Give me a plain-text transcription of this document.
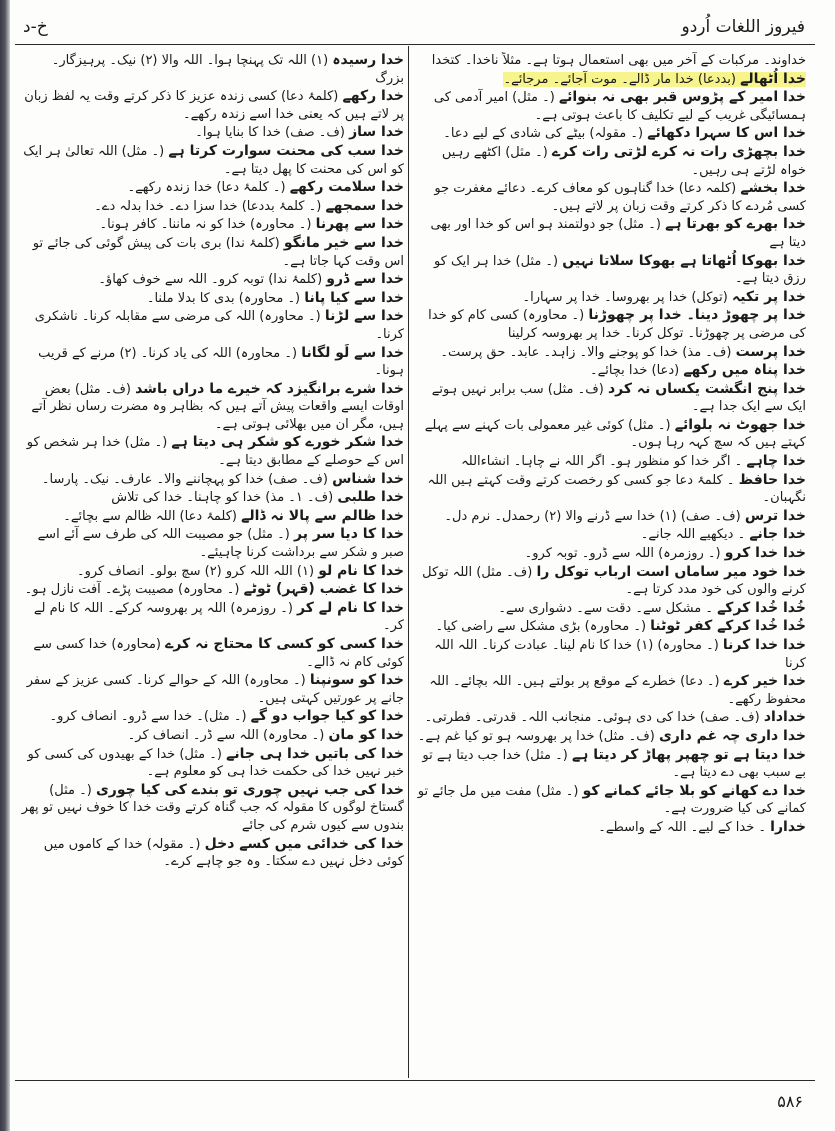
خ-د	فیروز اللغات اُردو
خداوند۔ مرکبات کے آخر میں بھی استعمال ہوتا ہے۔ مثلاً ناخدا۔ کتخدا
خدا اُٹھالے (بددعا) خدا مار ڈالے۔ موت آجائے۔ مرجائے۔
خدا امیر کے پڑوس قبر بھی نہ بنوائے (۔ مثل) امیر آدمی کی ہمسائیگی غریب کے لیے تکلیف کا باعث ہوتی ہے۔
خدا اس کا سہرا دکھائے (۔ مقولہ) بیٹے کی شادی کے لیے دعا۔
خدا بچھڑی رات نہ کرے لڑتی رات کرے (۔ مثل) اکٹھے رہیں خواہ لڑتے ہی رہیں۔
خدا بخشے (کلمہ دعا) خدا گناہوں کو معاف کرے۔ دعائے مغفرت جو کسی مُردے کا ذکر کرتے وقت زبان پر لاتے ہیں۔
خدا بھرے کو بھرتا ہے (۔ مثل) جو دولتمند ہو اس کو خدا اور بھی دیتا ہے
خدا بھوکا اُٹھاتا ہے بھوکا سلاتا نہیں (۔ مثل) خدا ہر ایک کو رزق دیتا ہے۔
خدا پر تکیہ (توکل) خدا پر بھروسا۔ خدا پر سہارا۔
خدا پر چھوڑ دینا۔ خدا پر چھوڑنا (۔ محاورہ) کسی کام کو خدا کی مرضی پر چھوڑنا۔ توکل کرنا۔ خدا پر بھروسہ کرلینا
خدا پرست (ف۔ مذ) خدا کو پوجنے والا۔ زاہد۔ عابد۔ حق پرست۔
خدا پناہ میں رکھے (دعا) خدا بچائے۔
خدا پنج انگشت یکساں نہ کرد (ف۔ مثل) سب برابر نہیں ہوتے ایک سے ایک جدا ہے۔
خدا جھوٹ نہ بلوائے (۔ مثل) کوئی غیر معمولی بات کہنے سے پہلے کہتے ہیں کہ سچ کہہ رہا ہوں۔
خدا چاہے ۔ اگر خدا کو منظور ہو۔ اگر اللہ نے چاہا۔ انشاءاللہ
خدا حافظ ۔ کلمۂ دعا جو کسی کو رخصت کرتے وقت کہتے ہیں اللہ نگہبان۔
خدا ترس (ف۔ صف) (۱) خدا سے ڈرنے والا (۲) رحمدل۔ نرم دل۔
خدا جانے ۔ دیکھیے اللہ جانے۔
خدا خدا کرو (۔ روزمرہ) اللہ سے ڈرو۔ توبہ کرو۔
خدا خود میر ساماں است ارباب توکل را (ف۔ مثل) اللہ توکل کرنے والوں کی خود مدد کرتا ہے۔
خُدا خُدا کرکے ۔ مشکل سے۔ دقت سے۔ دشواری سے۔
خُدا خُدا کرکے کفر ٹوٹنا (۔ محاورہ) بڑی مشکل سے راضی کیا۔
خدا خدا کرنا (۔ محاورہ) (۱) خدا کا نام لینا۔ عبادت کرنا۔ اللہ اللہ کرنا
خدا خیر کرے (۔ دعا) خطرے کے موقع پر بولتے ہیں۔ اللہ بچائے۔ اللہ محفوظ رکھے۔
خداداد (ف۔ صف) خدا کی دی ہوئی۔ منجانب اللہ۔ قدرتی۔ فطرتی۔
خدا داری چہ غم داری (ف۔ مثل) خدا پر بھروسہ ہو تو کیا غم ہے۔
خدا دیتا ہے تو چھپر پھاڑ کر دیتا ہے (۔ مثل) خدا جب دیتا ہے تو بے سبب بھی دے دیتا ہے۔
خدا دے کھانے کو بلا جائے کمانے کو (۔ مثل) مفت میں مل جائے تو کمانے کی کیا ضرورت ہے۔
خدارا ۔ خدا کے لیے۔ اللہ کے واسطے۔
خدا رسیدہ (۱) اللہ تک پہنچا ہوا۔ اللہ والا (۲) نیک۔ پرہیزگار۔ بزرگ
خدا رکھے (کلمۂ دعا) کسی زندہ عزیز کا ذکر کرتے وقت یہ لفظ زبان پر لاتے ہیں کہ یعنی خدا اسے زندہ رکھے۔
خدا ساز (ف۔ صف) خدا کا بنایا ہوا۔
خدا سب کی محنت سوارت کرتا ہے (۔ مثل) اللہ تعالیٰ ہر ایک کو اس کی محنت کا پھل دیتا ہے۔
خدا سلامت رکھے (۔ کلمۂ دعا) خدا زندہ رکھے۔
خدا سمجھے (۔ کلمۂ بددعا) خدا سزا دے۔ خدا بدلہ دے۔
خدا سے پھرنا (۔ محاورہ) خدا کو نہ ماننا۔ کافر ہونا۔
خدا سے خیر مانگو (کلمۂ ندا) بری بات کی پیش گوئی کی جائے تو اس وقت کہا جاتا ہے۔
خدا سے ڈرو (کلمۂ ندا) توبہ کرو۔ اللہ سے خوف کھاؤ۔
خدا سے کیا پانا (۔ محاورہ) بدی کا بدلا ملنا۔
خدا سے لڑنا (۔ محاورہ) اللہ کی مرضی سے مقابلہ کرنا۔ ناشکری کرنا۔
خدا سے لَو لگانا (۔ محاورہ) اللہ کی یاد کرنا۔ (۲) مرنے کے قریب ہونا۔
خدا شرے برانگیزد کہ خیرے ما دراں باشد (ف۔ مثل) بعض اوقات ایسے واقعات پیش آتے ہیں کہ بظاہر وہ مضرت رساں نظر آتے ہیں، مگر ان میں بھلائی ہوتی ہے۔
خدا شکر خورے کو شکر ہی دیتا ہے (۔ مثل) خدا ہر شخص کو اس کے حوصلے کے مطابق دیتا ہے۔
خدا شناس (ف۔ صف) خدا کو پہچاننے والا۔ عارف۔ نیک۔ پارسا۔
خدا طلبی (ف۔ ۱۔ مذ) خدا کو چاہنا۔ خدا کی تلاش
خدا ظالم سے پالا نہ ڈالے (کلمۂ دعا) اللہ ظالم سے بچائے۔
خدا کا دیا سر پر (۔ مثل) جو مصیبت اللہ کی طرف سے آئے اسے صبر و شکر سے برداشت کرنا چاہیئے۔
خدا کا نام لو (۱) اللہ اللہ کرو (۲) سچ بولو۔ انصاف کرو۔
خدا کا غضب (قہر) ٹوٹے (۔ محاورہ) مصیبت پڑے۔ آفت نازل ہو۔
خدا کا نام لے کر (۔ روزمرہ) اللہ پر بھروسہ کرکے۔ اللہ کا نام لے کر۔
خدا کسی کو کسی کا محتاج نہ کرے (محاورہ) خدا کسی سے کوئی کام نہ ڈالے۔
خدا کو سونپنا (۔ محاورہ) اللہ کے حوالے کرنا۔ کسی عزیز کے سفر جانے پر عورتیں کہتی ہیں۔
خدا کو کیا جواب دو گے (۔ مثل)۔ خدا سے ڈرو۔ انصاف کرو۔
خدا کو مان (۔ محاورہ) اللہ سے ڈر۔ انصاف کر۔
خدا کی باتیں خدا ہی جانے (۔ مثل) خدا کے بھیدوں کی کسی کو خبر نہیں خدا کی حکمت خدا ہی کو معلوم ہے۔
خدا کی جب نہیں چوری تو بندے کی کیا چوری (۔ مثل) گستاخ لوگوں کا مقولہ کہ جب گناہ کرتے وقت خدا کا خوف نہیں تو پھر بندوں سے کیوں شرم کی جائے
خدا کی خدائی میں کسے دخل (۔ مقولہ) خدا کے کاموں میں کوئی دخل نہیں دے سکتا۔ وہ جو چاہے کرے۔
۵۸۶
